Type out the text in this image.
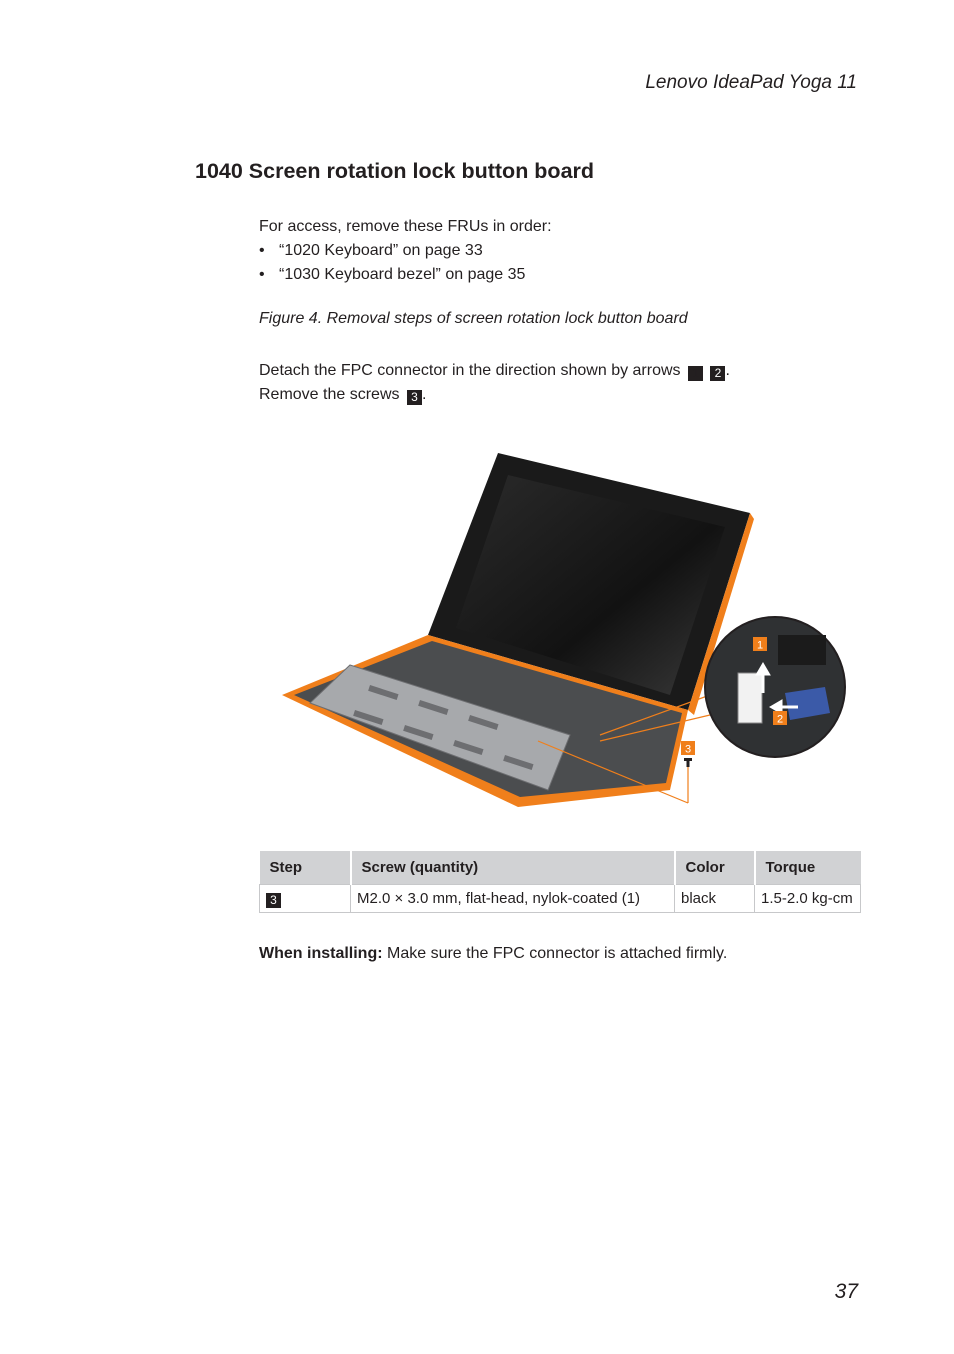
Lenovo IdeaPad Yoga 11
1040 Screen rotation lock button board
For access, remove these FRUs in order:
• “1020 Keyboard” on page 33
• “1030 Keyboard bezel” on page 35
Figure 4. Removal steps of screen rotation lock button board
Detach the FPC connector in the direction shown by arrows 1 2 .
Remove the screws 3 .
1
2
3
Step	Screw (quantity)	Color	Torque
3	M2.0 × 3.0 mm, flat-head, nylok-coated (1)	black	1.5-2.0 kg-cm
When installing: Make sure the FPC connector is attached firmly.
37
